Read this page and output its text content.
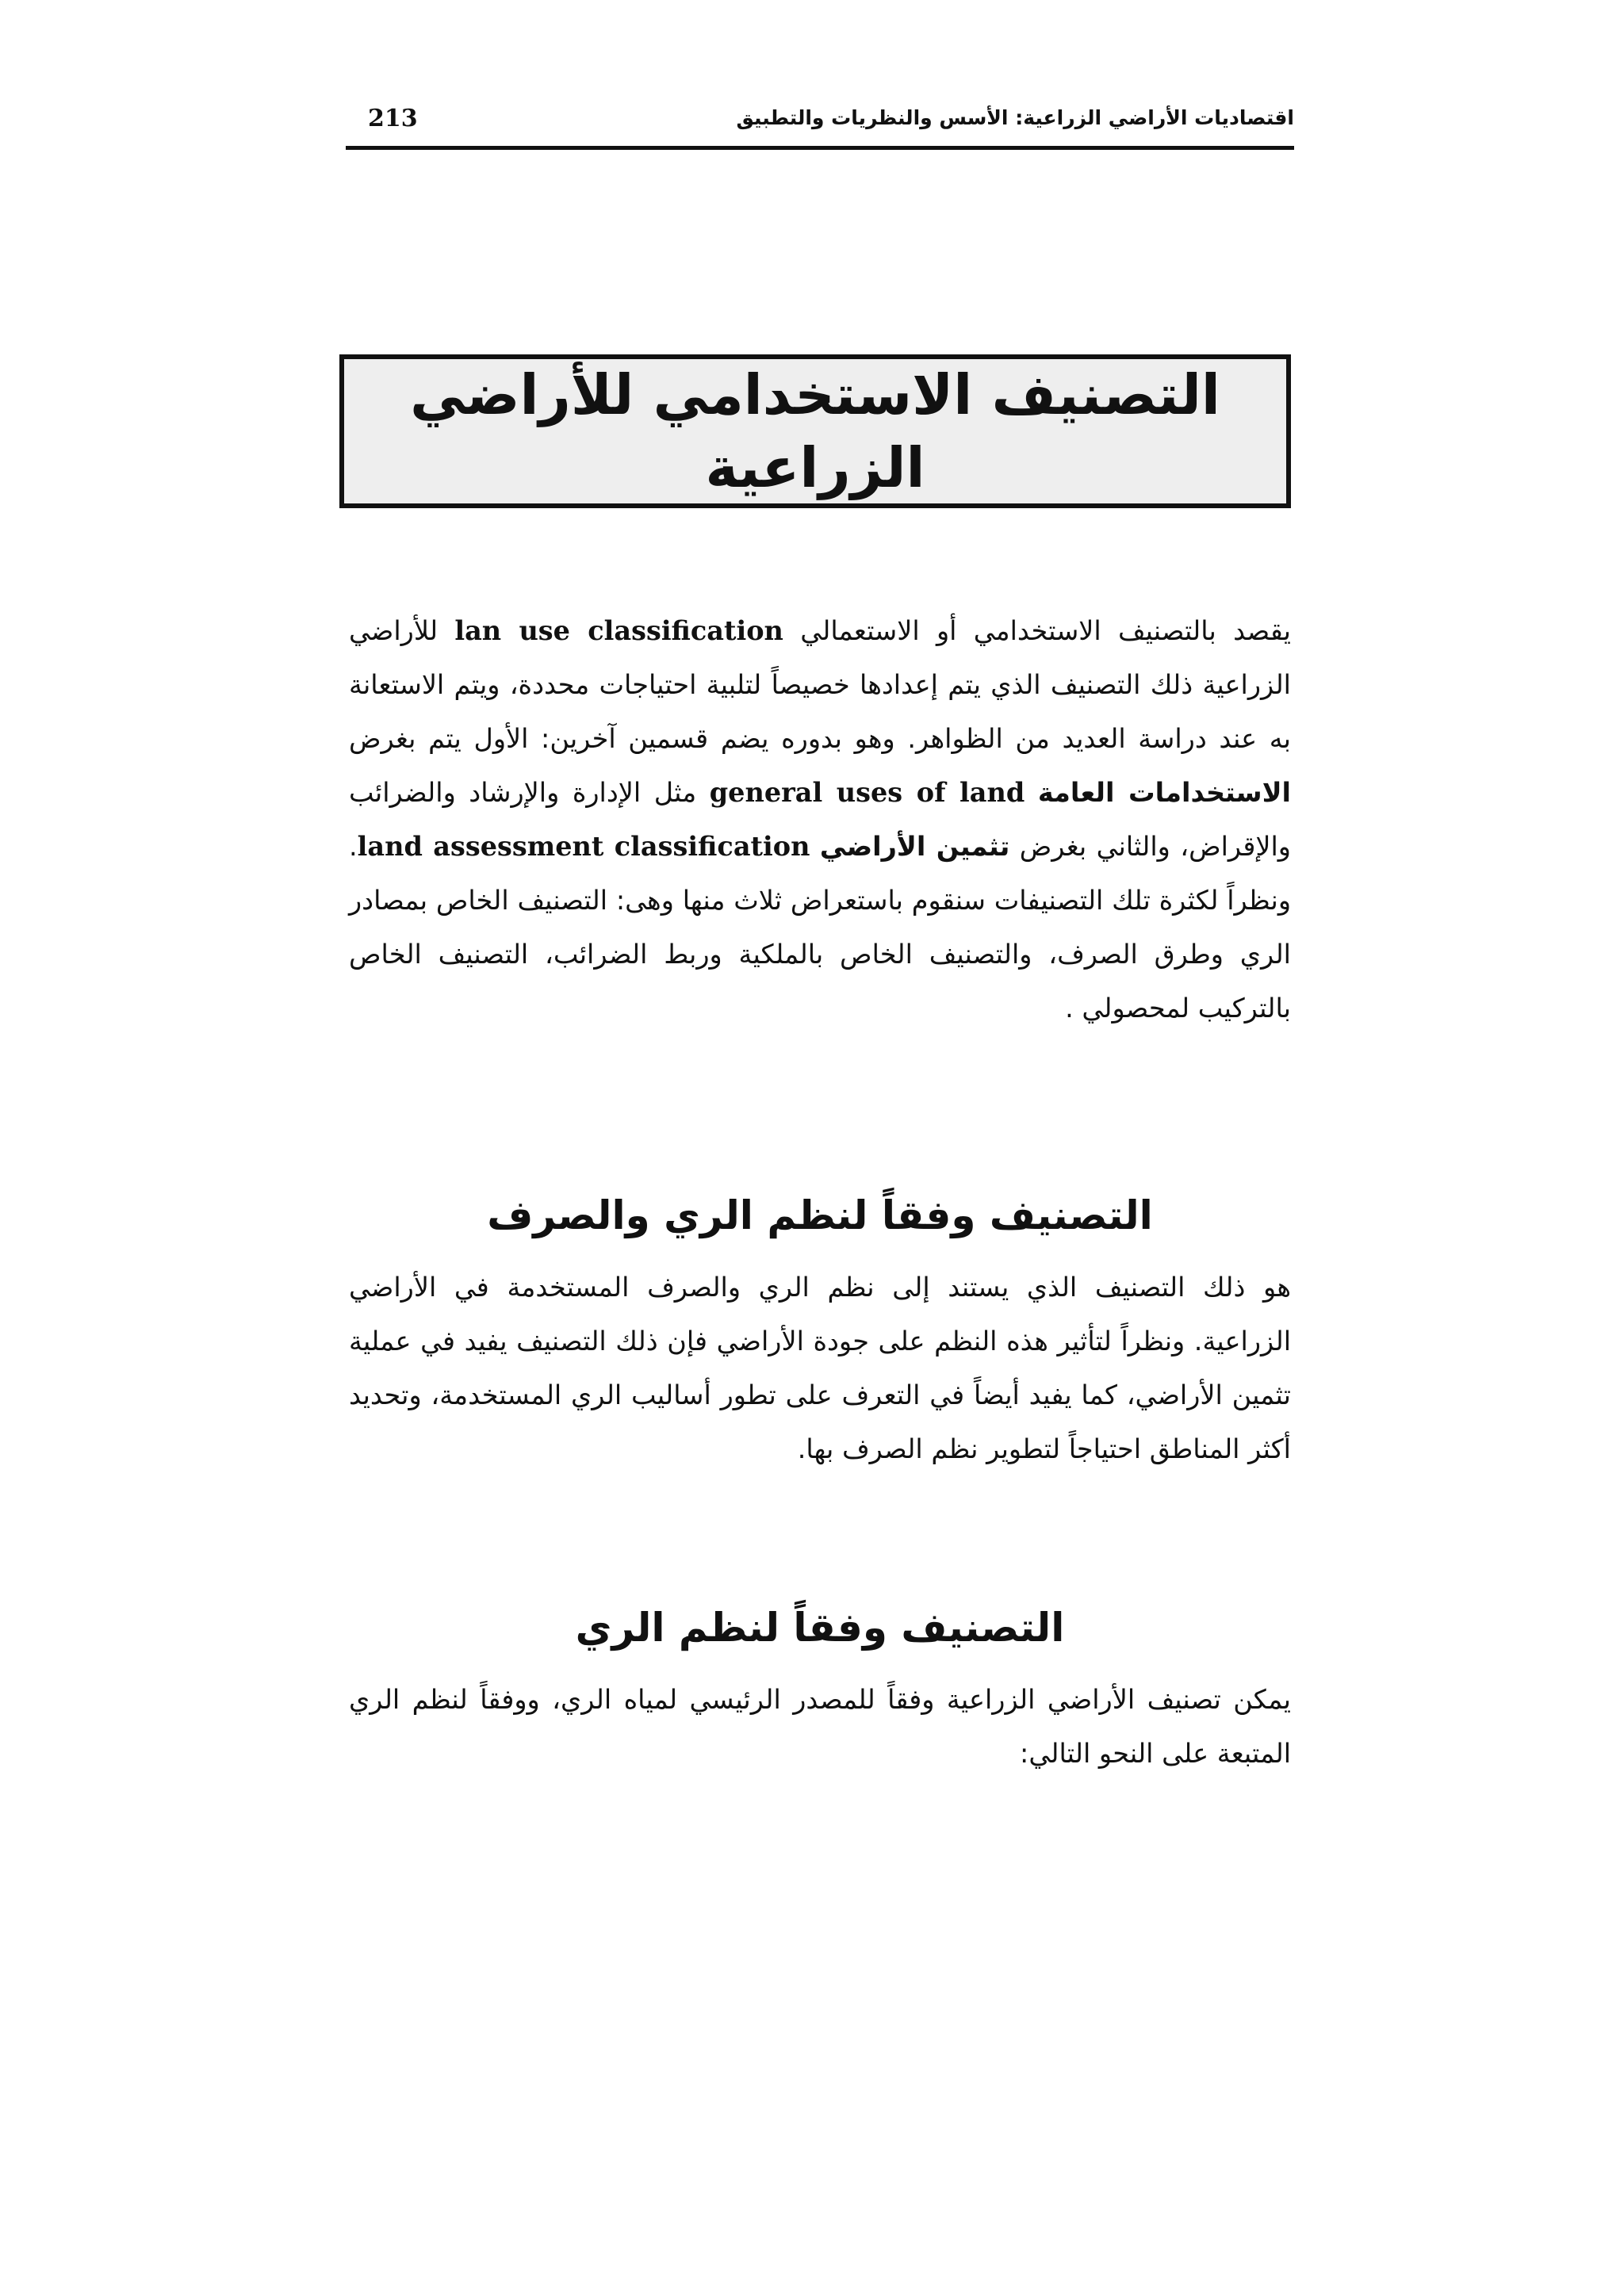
213	اقتصاديات الأراضي الزراعية: الأسس والنظريات والتطبيق
التصنيف الاستخدامي للأراضي الزراعية

يقصد بالتصنيف الاستخدامي أو الاستعمالي lan use classification للأراضي الزراعية ذلك التصنيف الذي يتم إعدادها خصيصاً لتلبية احتياجات محددة، ويتم الاستعانة به عند دراسة العديد من الظواهر. وهو بدوره يضم قسمين آخرين: الأول يتم بغرض الاستخدامات العامة general uses of land مثل الإدارة والإرشاد والضرائب والإقراض، والثاني بغرض تثمين الأراضي land assessment classification. ونظراً لكثرة تلك التصنيفات سنقوم باستعراض ثلاث منها وهى: التصنيف الخاص بمصادر الري وطرق الصرف، والتصنيف الخاص بالملكية وربط الضرائب، التصنيف الخاص بالتركيب لمحصولي .

التصنيف وفقاً لنظم الري والصرف

هو ذلك التصنيف الذي يستند إلى نظم الري والصرف المستخدمة في الأراضي الزراعية. ونظراً لتأثير هذه النظم على جودة الأراضي فإن ذلك التصنيف يفيد في عملية تثمين الأراضي، كما يفيد أيضاً في التعرف على تطور أساليب الري المستخدمة، وتحديد أكثر المناطق احتياجاً لتطوير نظم الصرف بها.

التصنيف وفقاً لنظم الري

يمكن تصنيف الأراضي الزراعية وفقاً للمصدر الرئيسي لمياه الري، ووفقاً لنظم الري المتبعة على النحو التالي:
